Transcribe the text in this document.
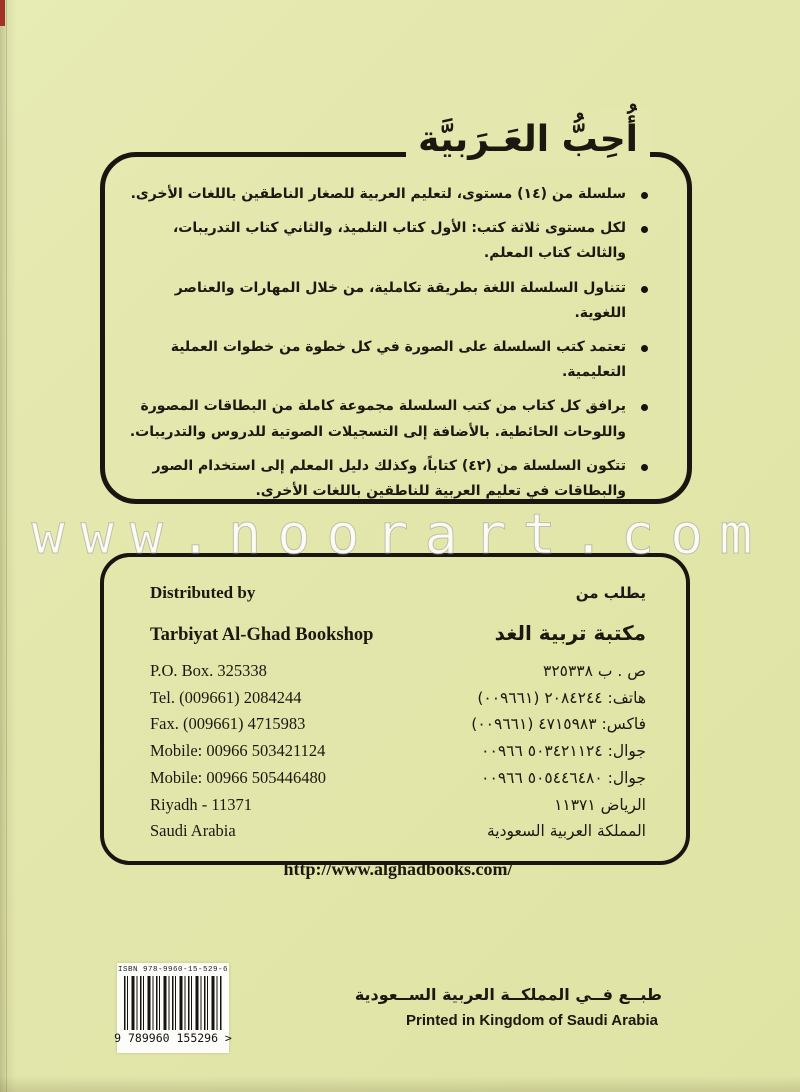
أُحِبُّ العَـرَبيَّة
سلسلة من (١٤) مستوى، لتعليم العربية للصغار الناطقين باللغات الأخرى.
لكل مستوى ثلاثة كتب: الأول كتاب التلميذ، والثاني كتاب التدريبات، والثالث كتاب المعلم.
تتناول السلسلة اللغة بطريقة تكاملية، من خلال المهارات والعناصر اللغوية.
تعتمد كتب السلسلة على الصورة في كل خطوة من خطوات العملية التعليمية.
يرافق كل كتاب من كتب السلسلة مجموعة كاملة من البطاقات المصورة واللوحات الحائطية. بالأضافة إلى التسجيلات الصوتية للدروس والتدريبات.
تتكون السلسلة من (٤٢) كتاباً، وكذلك دليل المعلم إلى استخدام الصور والبطاقات في تعليم العربية للناطقين باللغات الأخرى.
www.noorart.com
Distributed by	يطلب من
Tarbiyat Al-Ghad Bookshop	مكتبة تربية الغد
P.O. Box. 325338	ص . ب ٣٢٥٣٣٨
Tel. (009661) 2084244	هاتف: ٢٠٨٤٢٤٤ (٠٠٩٦٦١)
Fax. (009661) 4715983	فاكس: ٤٧١٥٩٨٣ (٠٠٩٦٦١)
Mobile: 00966 503421124	جوال: ٥٠٣٤٢١١٢٤ ٠٠٩٦٦
Mobile: 00966 505446480	جوال: ٥٠٥٤٤٦٤٨٠ ٠٠٩٦٦
Riyadh - 11371	الرياض ١١٣٧١
Saudi Arabia	المملكة العربية السعودية
http://www.alghadbooks.com/
ISBN 978-9960-15-529-6
9 789960 155296 >
طبــع فــي المملكــة العربية الســعودية
Printed in Kingdom of Saudi Arabia
